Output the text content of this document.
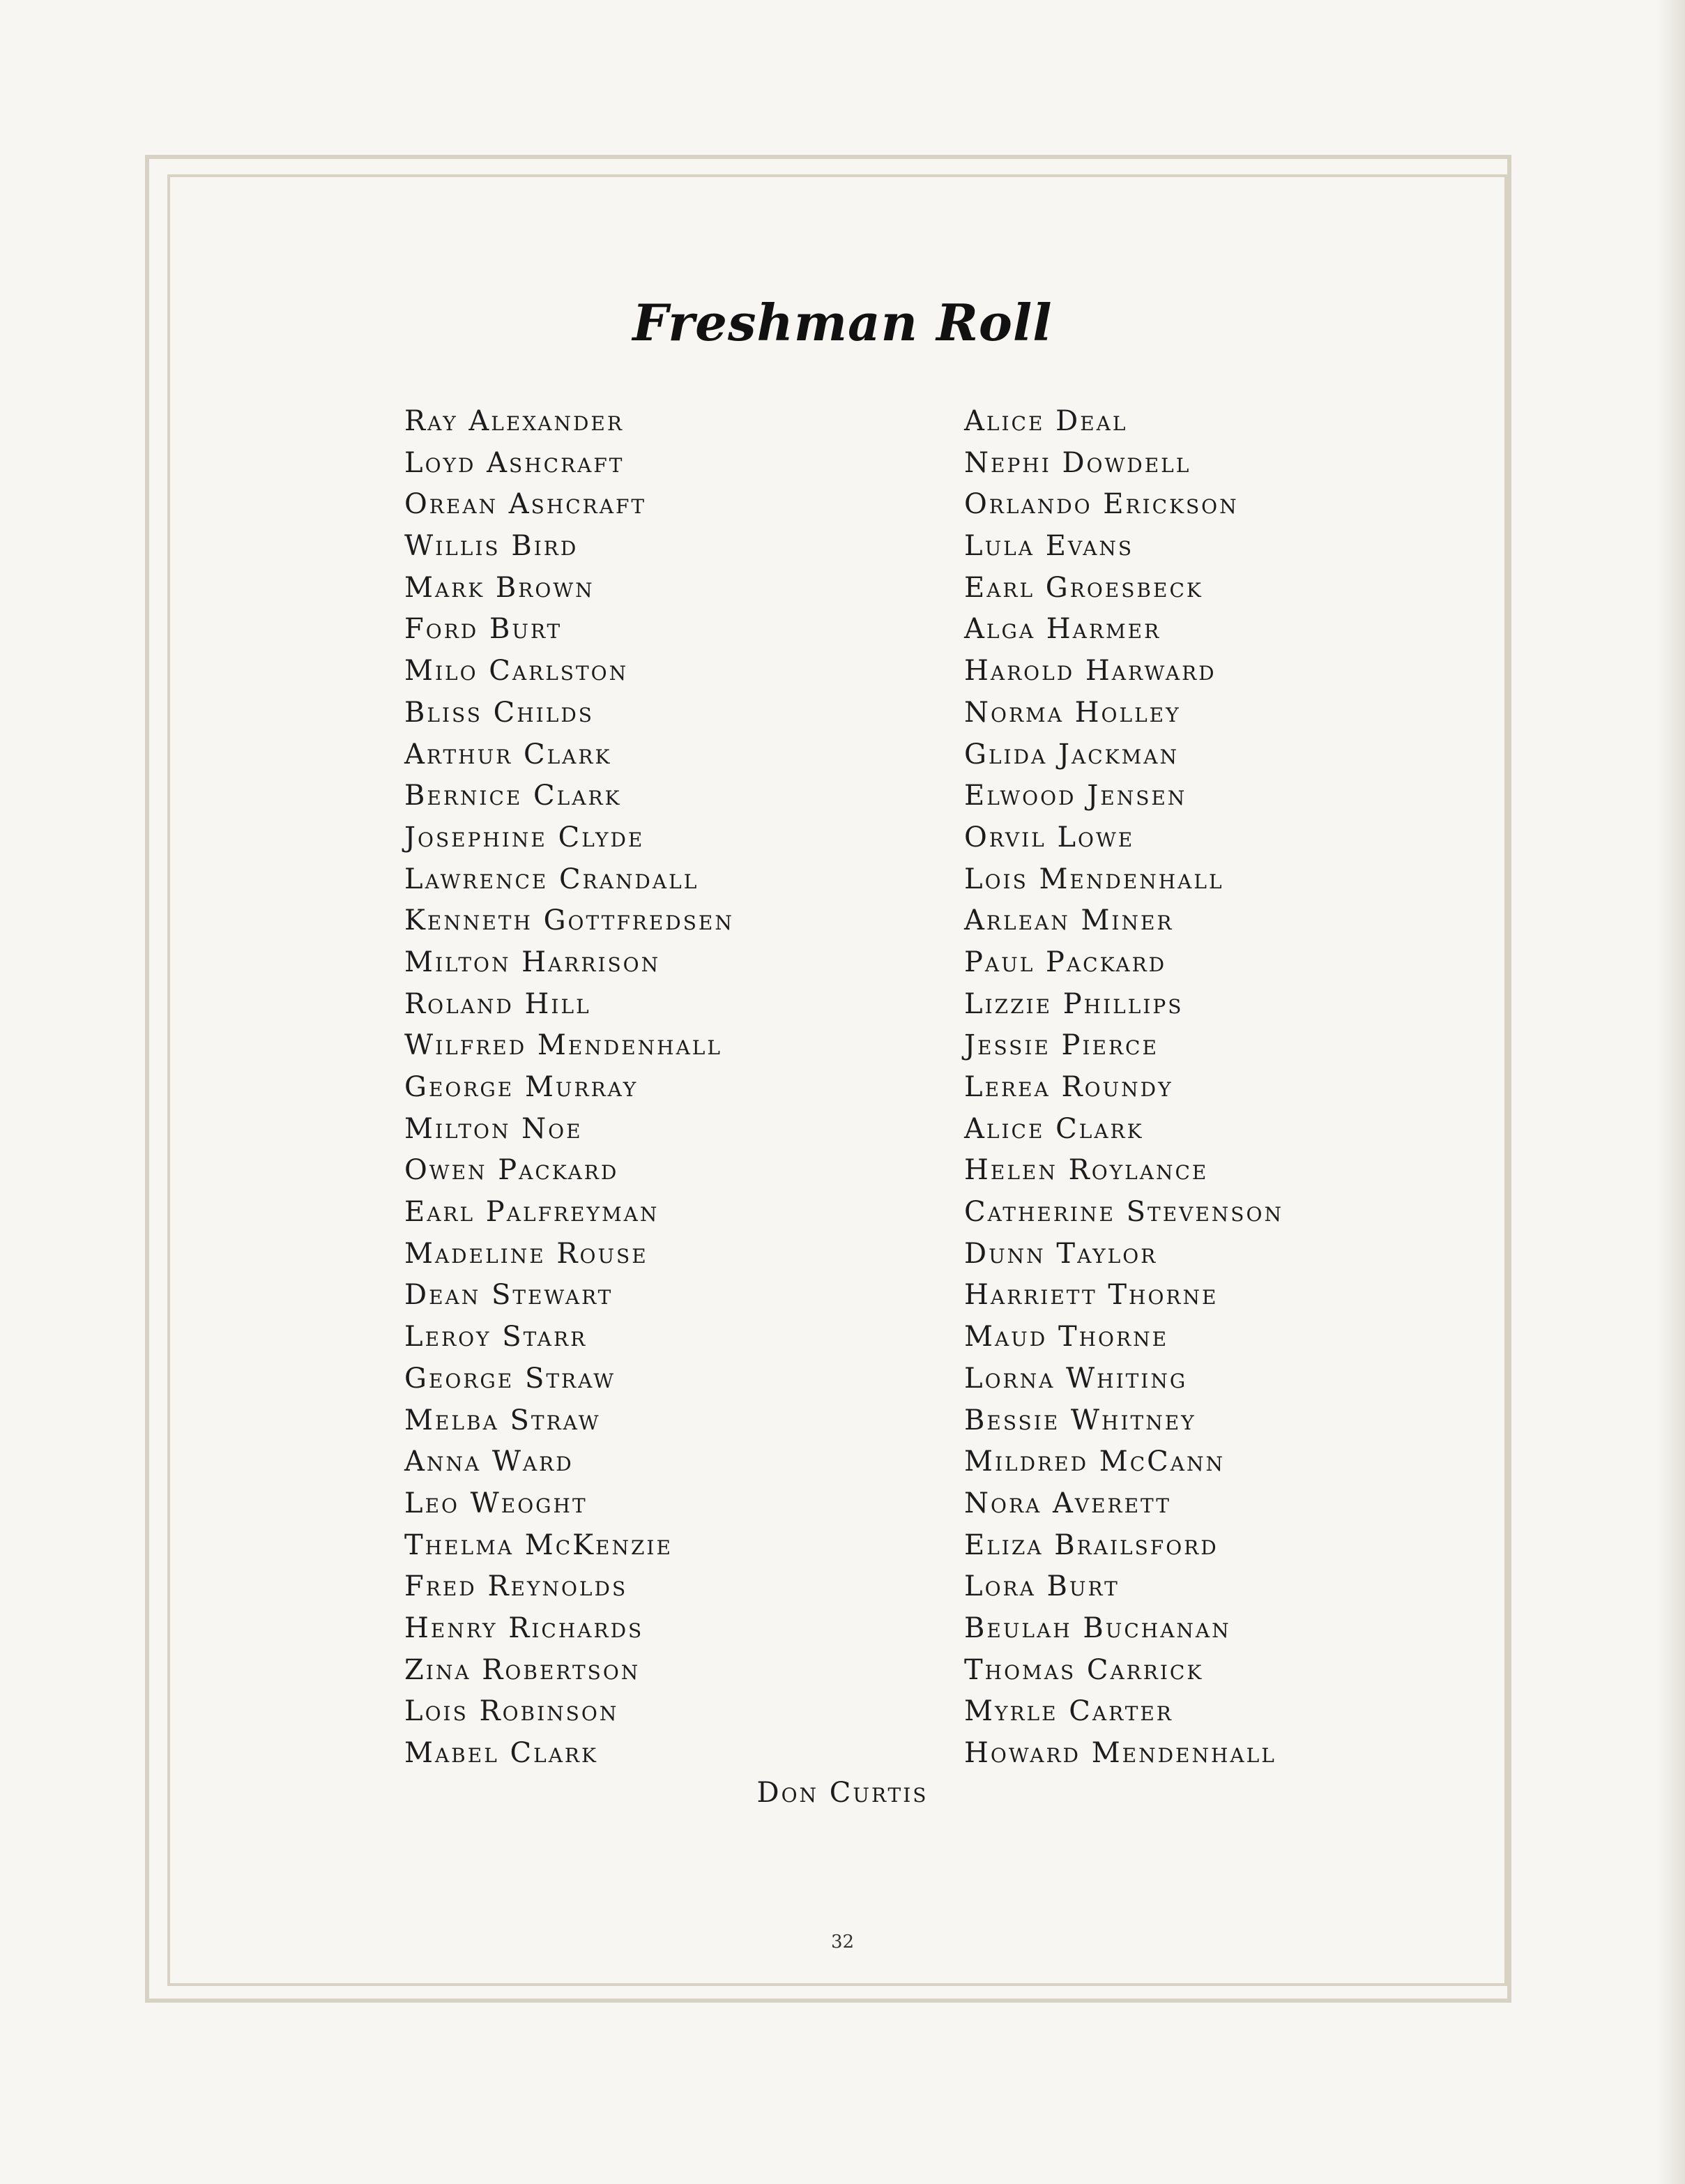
Freshman Roll
Ray Alexander
Loyd Ashcraft
Orean Ashcraft
Willis Bird
Mark Brown
Ford Burt
Milo Carlston
Bliss Childs
Arthur Clark
Bernice Clark
Josephine Clyde
Lawrence Crandall
Kenneth Gottfredsen
Milton Harrison
Roland Hill
Wilfred Mendenhall
George Murray
Milton Noe
Owen Packard
Earl Palfreyman
Madeline Rouse
Dean Stewart
Leroy Starr
George Straw
Melba Straw
Anna Ward
Leo Weoght
Thelma McKenzie
Fred Reynolds
Henry Richards
Zina Robertson
Lois Robinson
Mabel Clark
Alice Deal
Nephi Dowdell
Orlando Erickson
Lula Evans
Earl Groesbeck
Alga Harmer
Harold Harward
Norma Holley
Glida Jackman
Elwood Jensen
Orvil Lowe
Lois Mendenhall
Arlean Miner
Paul Packard
Lizzie Phillips
Jessie Pierce
Lerea Roundy
Alice Clark
Helen Roylance
Catherine Stevenson
Dunn Taylor
Harriett Thorne
Maud Thorne
Lorna Whiting
Bessie Whitney
Mildred McCann
Nora Averett
Eliza Brailsford
Lora Burt
Beulah Buchanan
Thomas Carrick
Myrle Carter
Howard Mendenhall
Don Curtis
32
